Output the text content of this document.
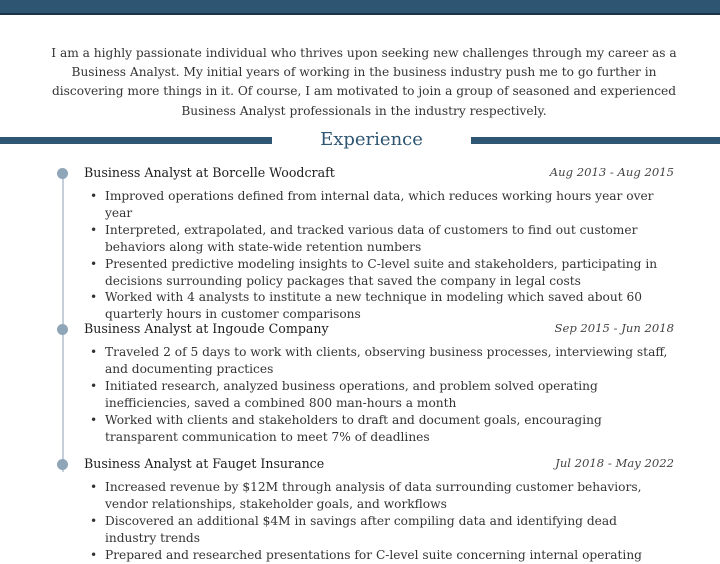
I am a highly passionate individual who thrives upon seeking new challenges through my career as a Business Analyst. My initial years of working in the business industry push me to go further in discovering more things in it. Of course, I am motivated to join a group of seasoned and experienced Business Analyst professionals in the industry respectively.

Experience
Business Analyst at Borcelle Woodcraft	Aug 2013 - Aug 2015
• Improved operations defined from internal data, which reduces working hours year over year
• Interpreted, extrapolated, and tracked various data of customers to find out customer behaviors along with state-wide retention numbers
• Presented predictive modeling insights to C-level suite and stakeholders, participating in decisions surrounding policy packages that saved the company in legal costs
• Worked with 4 analysts to institute a new technique in modeling which saved about 60 quarterly hours in customer comparisons
Business Analyst at Ingoude Company	Sep 2015 - Jun 2018
• Traveled 2 of 5 days to work with clients, observing business processes, interviewing staff, and documenting practices
• Initiated research, analyzed business operations, and problem solved operating inefficiencies, saved a combined 800 man-hours a month
• Worked with clients and stakeholders to draft and document goals, encouraging transparent communication to meet 7% of deadlines
Business Analyst at Fauget Insurance	Jul 2018 - May 2022
• Increased revenue by $12M through analysis of data surrounding customer behaviors, vendor relationships, stakeholder goals, and workflows
• Discovered an additional $4M in savings after compiling data and identifying dead industry trends
• Prepared and researched presentations for C-level suite concerning internal operating
